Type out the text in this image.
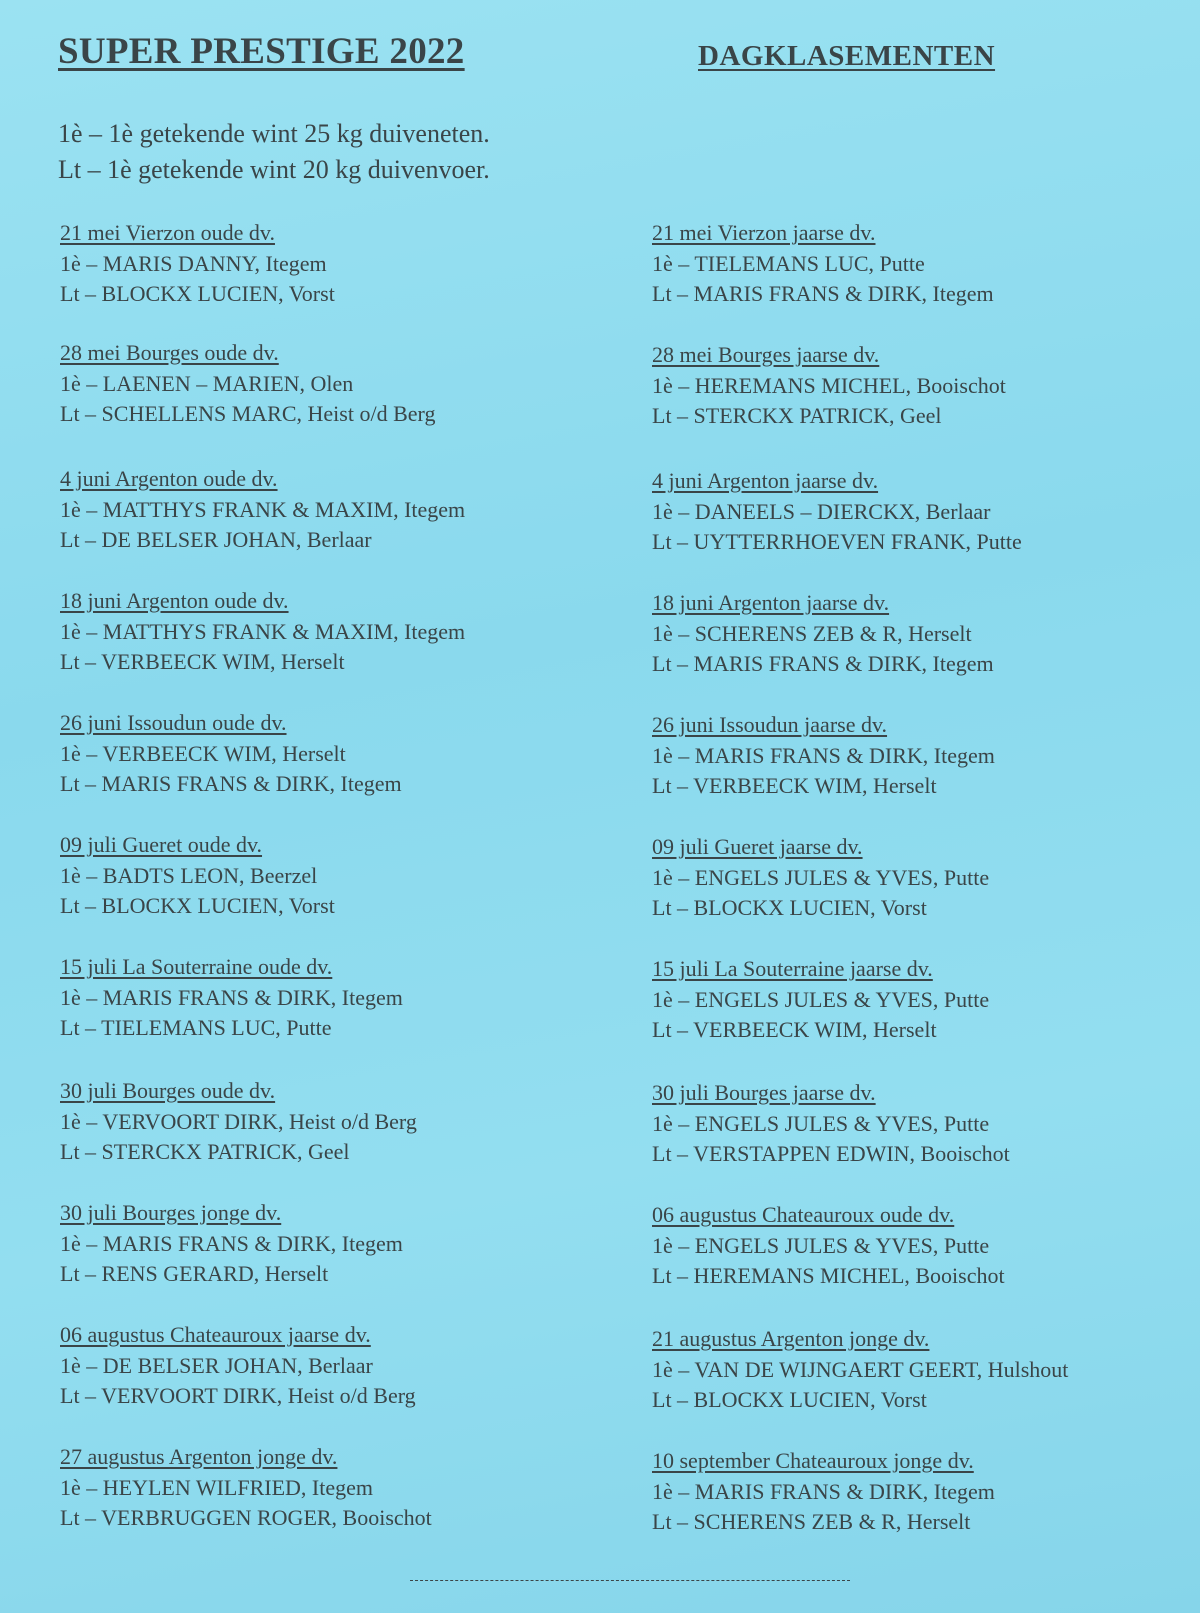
SUPER PRESTIGE 2022	DAGKLASEMENTEN
1è – 1è getekende wint 25 kg duiveneten.
Lt – 1è getekende wint 20 kg duivenvoer.
21 mei Vierzon oude dv.
1è – MARIS DANNY, Itegem
Lt – BLOCKX LUCIEN, Vorst
28 mei Bourges oude dv.
1è – LAENEN – MARIEN, Olen
Lt – SCHELLENS MARC, Heist o/d Berg
4 juni Argenton oude dv.
1è – MATTHYS FRANK & MAXIM, Itegem
Lt – DE BELSER JOHAN, Berlaar
18 juni Argenton oude dv.
1è – MATTHYS FRANK & MAXIM, Itegem
Lt – VERBEECK WIM, Herselt
26 juni Issoudun oude dv.
1è – VERBEECK WIM, Herselt
Lt – MARIS FRANS & DIRK, Itegem
09 juli Gueret oude dv.
1è – BADTS LEON, Beerzel
Lt – BLOCKX LUCIEN, Vorst
15 juli La Souterraine oude dv.
1è – MARIS FRANS & DIRK, Itegem
Lt – TIELEMANS LUC, Putte
30 juli Bourges oude dv.
1è – VERVOORT DIRK, Heist o/d Berg
Lt – STERCKX PATRICK, Geel
30 juli Bourges jonge dv.
1è – MARIS FRANS & DIRK, Itegem
Lt – RENS GERARD, Herselt
06 augustus Chateauroux jaarse dv.
1è – DE BELSER JOHAN, Berlaar
Lt – VERVOORT DIRK, Heist o/d Berg
27 augustus Argenton jonge dv.
1è – HEYLEN WILFRIED, Itegem
Lt – VERBRUGGEN ROGER, Booischot
21 mei Vierzon jaarse dv.
1è – TIELEMANS LUC, Putte
Lt – MARIS FRANS & DIRK, Itegem
28 mei Bourges jaarse dv.
1è – HEREMANS MICHEL, Booischot
Lt – STERCKX PATRICK, Geel
4 juni Argenton jaarse dv.
1è – DANEELS – DIERCKX, Berlaar
Lt – UYTTERRHOEVEN FRANK, Putte
18 juni Argenton jaarse dv.
1è – SCHERENS ZEB & R, Herselt
Lt – MARIS FRANS & DIRK, Itegem
26 juni Issoudun jaarse dv.
1è – MARIS FRANS & DIRK, Itegem
Lt – VERBEECK WIM, Herselt
09 juli Gueret jaarse dv.
1è – ENGELS JULES & YVES, Putte
Lt – BLOCKX LUCIEN, Vorst
15 juli La Souterraine jaarse dv.
1è – ENGELS JULES & YVES, Putte
Lt – VERBEECK WIM, Herselt
30 juli Bourges jaarse dv.
1è – ENGELS JULES & YVES, Putte
Lt – VERSTAPPEN EDWIN, Booischot
06 augustus Chateauroux oude dv.
1è – ENGELS JULES & YVES, Putte
Lt – HEREMANS MICHEL, Booischot
21 augustus Argenton jonge dv.
1è – VAN DE WIJNGAERT GEERT, Hulshout
Lt – BLOCKX LUCIEN, Vorst
10 september Chateauroux jonge dv.
1è – MARIS FRANS & DIRK, Itegem
Lt – SCHERENS ZEB & R, Herselt
